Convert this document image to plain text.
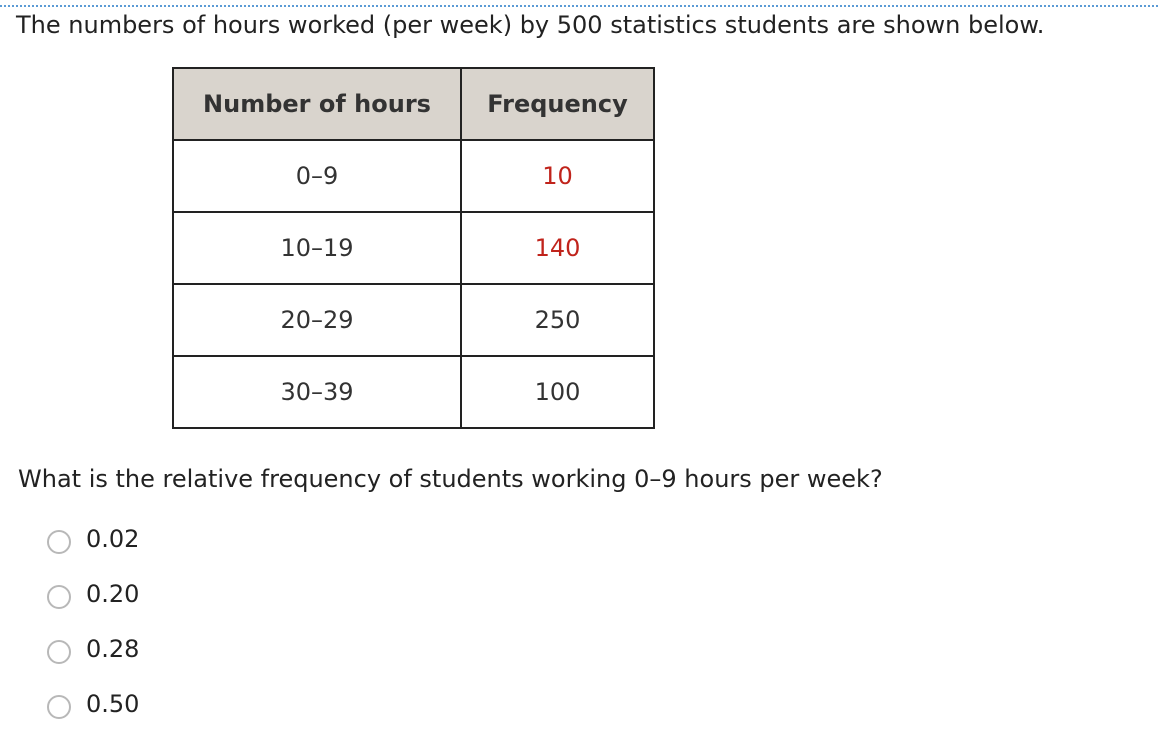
The numbers of hours worked (per week) by 500 statistics students are shown below.
Number of hours	Frequency
0–9	10
10–19	140
20–29	250
30–39	100
What is the relative frequency of students working 0–9 hours per week?
0.02
0.20
0.28
0.50
